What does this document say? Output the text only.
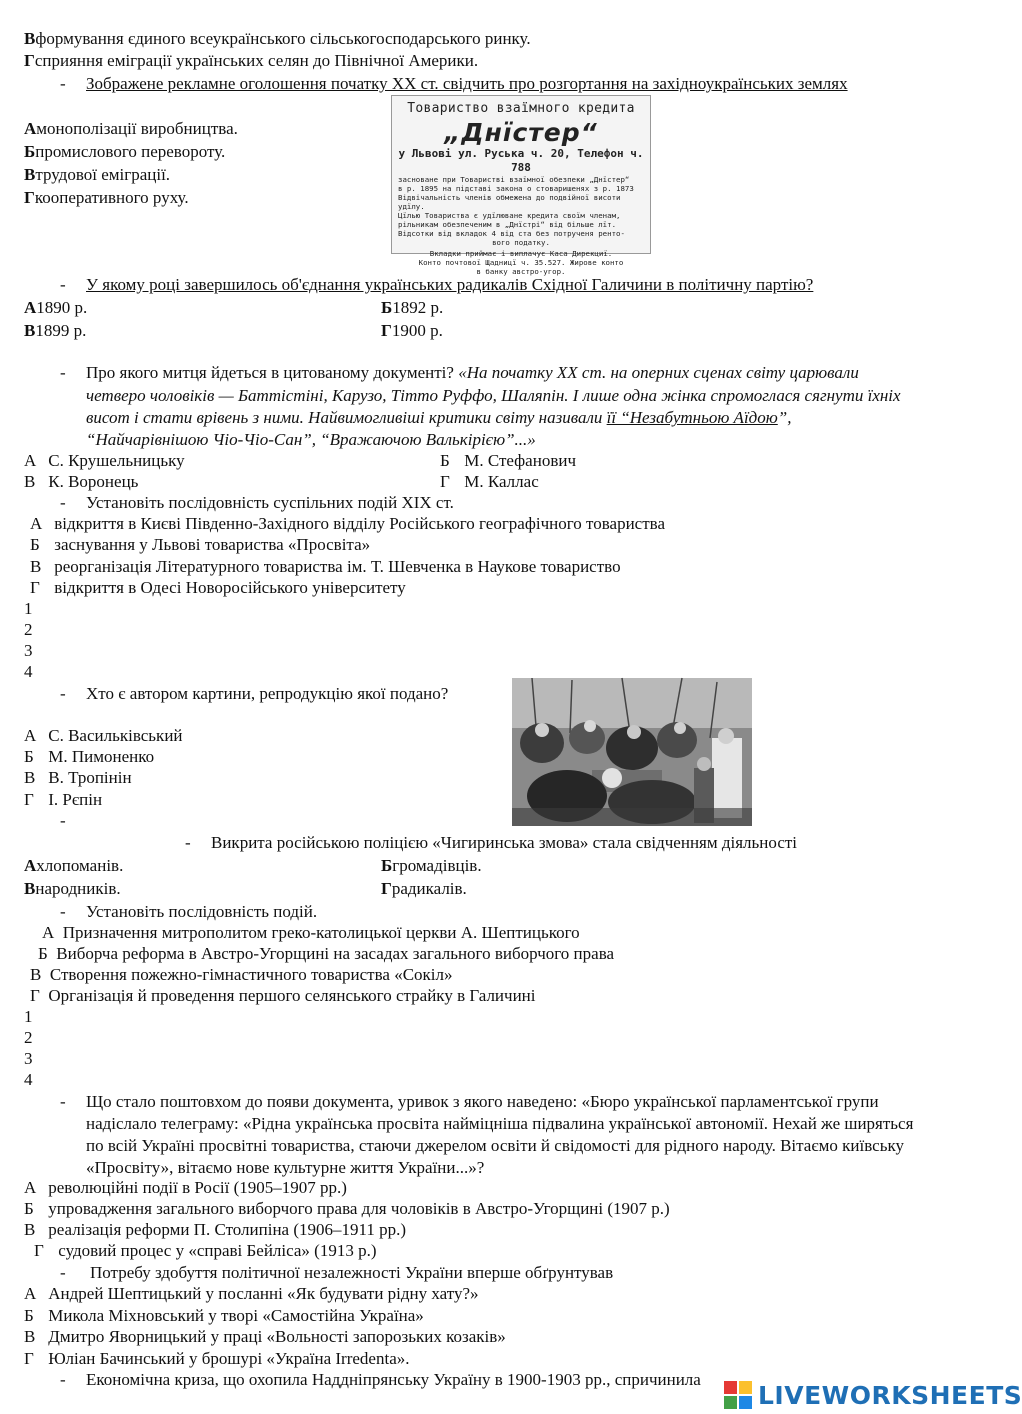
Вформування єдиного всеукраїнського сільськогосподарського ринку.
Гсприяння еміграції українських селян до Північної Америки.
- Зображене рекламне оголошення початку XX ст. свідчить про розгортання на західноукраїнських землях
Амонополізації виробництва.
Бпромислового перевороту.
Втрудової еміграції.
Гкооперативного руху.
Товариство взаїмного кредита
„Днїстер“
у Львові ул. Руська ч. 20, Телефон ч. 788
засноване при Товаристві взаїмної обезпеки „Днїстер“
в р. 1895 на підставі закона о стоваришенях з р. 1873
Відвічальність членів обмежена до подвійної висоти удїлу.
Цїлью Товариства є удїлюване кредита своїм членам,
рільникам обезпеченим в „Днїстрі“ від більше лїт.
Відсотки від вкладок 4 від ста без потрученя рентo-
вого податку.
Вкладки приймає і виплачує Каса Дирекциї.
Конто почтової Щадницї ч. 35.527. Жирове конто
в банку австро-угор.
- У якому році завершилось об'єднання українських радикалів Східної Галичини в політичну партію?
А1890 р.	Б1892 р.
В1899 р.	Г1900 р.
- Про якого митця йдеться в цитованому документі? «На початку XX ст. на оперних сценах світу царювали
четверо чоловіків — Баттістіні, Карузо, Тітто Руффо, Шаляпін. І лише одна жінка спромоглася сягнути їхніх
висот і стати врівень з ними. Найвимогливіші критики світу називали її “Незабутньою Аїдою”,
“Найчарівнішою Чіо-Чіо-Сан”, “Вражаючою Валькірією”...»
А С. Крушельницьку	Б М. Стефанович
В К. Воронець	Г М. Каллас
- Установіть послідовність суспільних подій XIX ст.
А відкриття в Києві Південно-Західного відділу Російського географічного товариства
Б заснування у Львові товариства «Просвіта»
В реорганізація Літературного товариства ім. Т. Шевченка в Наукове товариство
Г відкриття в Одесі Новоросійського університету
1
2
3
4
- Хто є автором картини, репродукцію якої подано?
А С. Васильківський
Б М. Пимоненко
В В. Тропінін
Г І. Рєпін
-
- Викрита російською поліцією «Чигиринська змова» стала свідченням діяльності
Ахлопоманів.	Бгромадівців.
Внародників.	Градикалів.
- Установіть послідовність подій.
А Призначення митрополитом греко-католицької церкви А. Шептицького
Б Виборча реформа в Австро-Угорщині на засадах загального виборчого права
В Створення пожежно-гімнастичного товариства «Сокіл»
Г Організація й проведення першого селянського страйку в Галичині
1
2
3
4
- Що стало поштовхом до появи документа, уривок з якого наведено: «Бюро української парламентської групи
надіслало телеграму: «Рідна українська просвіта найміцніша підвалина української автономії. Нехай же ширяться
по всій Україні просвітні товариства, стаючи джерелом освіти й свідомості для рідного народу. Вітаємо київську
«Просвіту», вітаємо нове культурне життя України...»?
А революційні події в Росії (1905–1907 рр.)
Б упровадження загального виборчого права для чоловіків в Австро-Угорщині (1907 р.)
В реалізація реформи П. Столипіна (1906–1911 рр.)
Г судовий процес у «справі Бейліса» (1913 р.)
- Потребу здобуття політичної незалежності України вперше обґрунтував
А Андрей Шептицький у посланні «Як будувати рідну хату?»
Б Микола Міхновський у творі «Самостійна Україна»
В Дмитро Яворницький у праці «Вольності запорозьких козаків»
Г Юліан Бачинський у брошурі «Україна Irredenta».
- Економічна криза, що охопила Наддніпрянську Україну в 1900-1903 рр., спричинила
LIVEWORKSHEETS
